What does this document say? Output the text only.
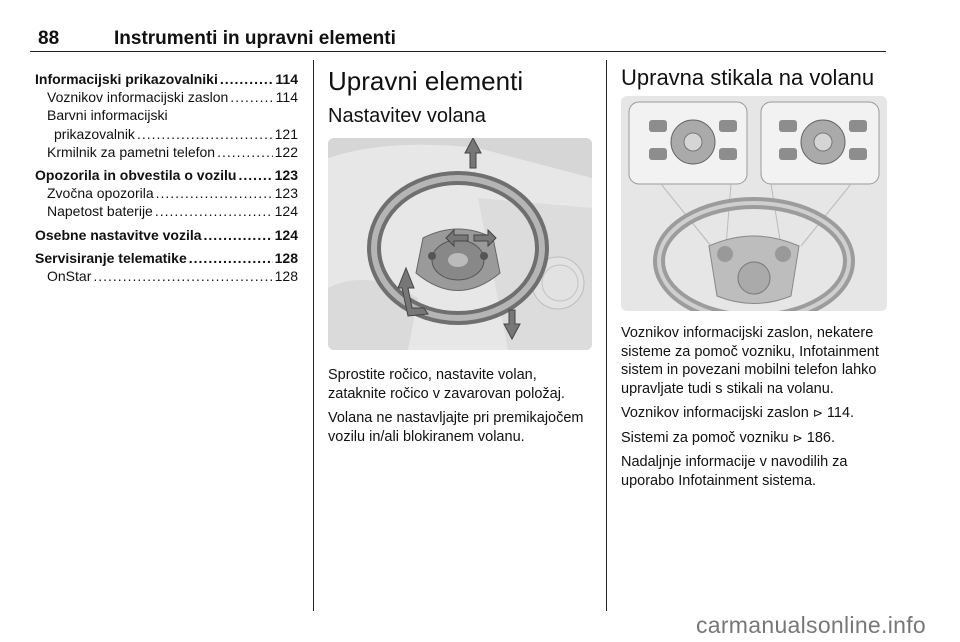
88	Instrumenti in upravni elementi
Informacijski prikazovalniki .....	114
Voznikov informacijski zaslon .....	114
Barvni informacijski
prikazovalnik .....	121
Krmilnik za pametni telefon .....	122
Opozorila in obvestila o vozilu .....	123
Zvočna opozorila .....	123
Napetost baterije .....	124
Osebne nastavitve vozila .....	124
Servisiranje telematike .....	128
OnStar .....	128
Upravni elementi
Nastavitev volana

Sprostite ročico, nastavite volan, zataknite ročico v zavarovan položaj.

Volana ne nastavljajte pri premikajočem vozilu in/ali blokiranem volanu.

Upravna stikala na volanu

Voznikov informacijski zaslon, nekatere sisteme za pomoč vozniku, Infotainment sistem in povezani mobilni telefon lahko upravljate tudi s stikali na volanu.

Voznikov informacijski zaslon ⊳ 114.

Sistemi za pomoč vozniku ⊳ 186.

Nadaljnje informacije v navodilih za uporabo Infotainment sistema.

carmanualsonline.info
